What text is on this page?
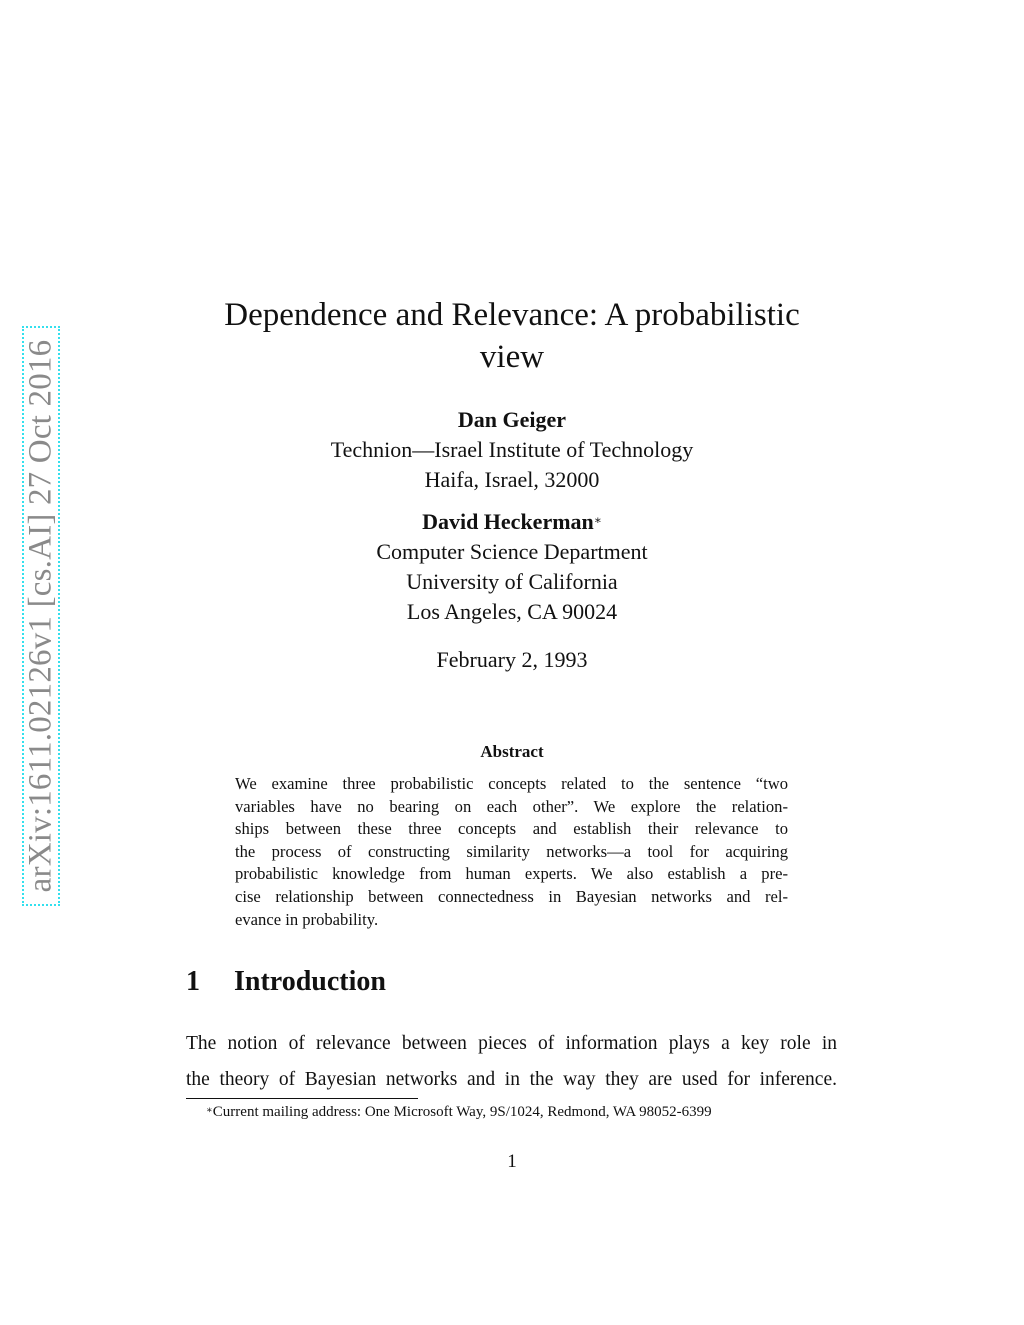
arXiv:1611.02126v1 [cs.AI] 27 Oct 2016
Dependence and Relevance: A probabilistic
view
Dan Geiger
Technion—Israel Institute of Technology
Haifa, Israel, 32000
David Heckerman∗
Computer Science Department
University of California
Los Angeles, CA 90024
February 2, 1993
Abstract
We examine three probabilistic concepts related to the sentence “two
variables have no bearing on each other”. We explore the relation-
ships between these three concepts and establish their relevance to
the process of constructing similarity networks—a tool for acquiring
probabilistic knowledge from human experts. We also establish a pre-
cise relationship between connectedness in Bayesian networks and rel-
evance in probability.
1 Introduction
The notion of relevance between pieces of information plays a key role in
the theory of Bayesian networks and in the way they are used for inference.
∗Current mailing address: One Microsoft Way, 9S/1024, Redmond, WA 98052-6399
1
